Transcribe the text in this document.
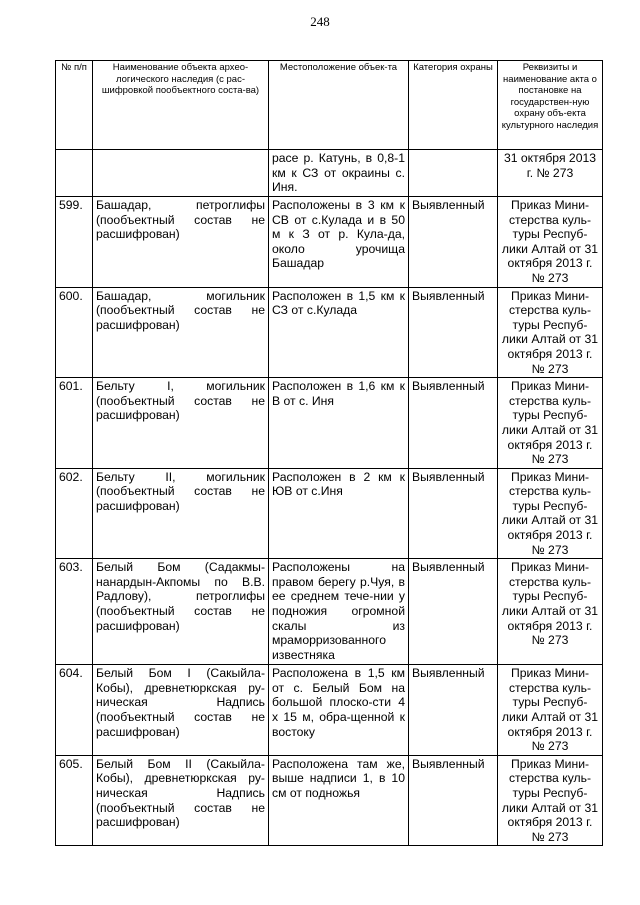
248
№ п/п	Наименование объекта архео-логического наследия (с рас-шифровкой пообъектного соста-ва)	Местоположение объек-та	Категория охраны	Реквизиты и наименование акта о постановке на государствен-ную охрану объ-екта культурного наследия
		расе р. Катунь, в 0,8-1 км к СЗ от окраины с. Иня.		31 октября 2013 г. № 273
599.	Башадар, петроглифы (пообъектный состав не расшифрован)	Расположены в 3 км к СВ от с.Кулада и в 50 м к З от р. Кула-да, около урочища Башадар	Выявленный	Приказ Мини-стерства куль-туры Респуб-лики Алтай от 31 октября 2013 г. № 273
600.	Башадар, могильник (пообъектный состав не расшифрован)	Расположен в 1,5 км к СЗ от с.Кулада	Выявленный	Приказ Мини-стерства куль-туры Респуб-лики Алтай от 31 октября 2013 г. № 273
601.	Бельту I, могильник (пообъектный состав не расшифрован)	Расположен в 1,6 км к В от с. Иня	Выявленный	Приказ Мини-стерства куль-туры Респуб-лики Алтай от 31 октября 2013 г. № 273
602.	Бельту II, могильник (пообъектный состав не расшифрован)	Расположен в 2 км к ЮВ от с.Иня	Выявленный	Приказ Мини-стерства куль-туры Респуб-лики Алтай от 31 октября 2013 г. № 273
603.	Белый Бом (Садакмы-нанардын-Акпомы по В.В. Радлову), петроглифы (пообъектный состав не расшифрован)	Расположены на правом берегу р.Чуя, в ее среднем тече-нии у подножия огромной скалы из мраморризованного известняка	Выявленный	Приказ Мини-стерства куль-туры Респуб-лики Алтай от 31 октября 2013 г. № 273
604.	Белый Бом I (Сакыйла-Кобы), древнетюркская ру-ническая Надпись (пообъектный состав не расшифрован)	Расположена в 1,5 км от с. Белый Бом на большой плоско-сти 4 х 15 м, обра-щенной к востоку	Выявленный	Приказ Мини-стерства куль-туры Респуб-лики Алтай от 31 октября 2013 г. № 273
605.	Белый Бом II (Сакыйла-Кобы), древнетюркская ру-ническая Надпись (пообъектный состав не расшифрован)	Расположена там же, выше надписи 1, в 10 см от подножья	Выявленный	Приказ Мини-стерства куль-туры Респуб-лики Алтай от 31 октября 2013 г. № 273
